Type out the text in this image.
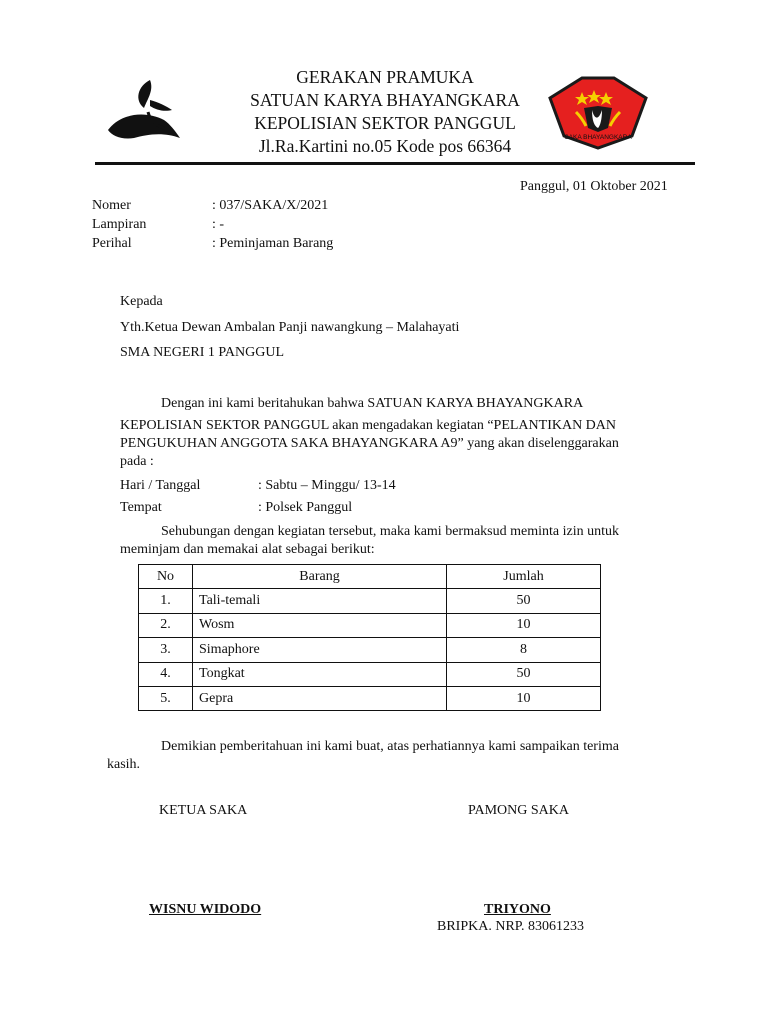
GERAKAN PRAMUKA
SATUAN KARYA BHAYANGKARA
KEPOLISIAN SEKTOR PANGGUL
Jl.Ra.Kartini no.05 Kode pos 66364	SAKA BHAYANGKARA
Panggul, 01 Oktober 2021
Nomer	: 037/SAKA/X/2021
Lampiran	: -
Perihal	: Peminjaman Barang
Kepada
Yth.Ketua Dewan Ambalan Panji nawangkung – Malahayati
SMA NEGERI 1 PANGGUL
Dengan ini kami beritahukan bahwa SATUAN KARYA BHAYANGKARA
KEPOLISIAN SEKTOR PANGGUL akan mengadakan kegiatan “PELANTIKAN DAN
PENGUKUHAN ANGGOTA SAKA BHAYANGKARA A9” yang akan diselenggarakan
pada :
Hari / Tanggal	: Sabtu – Minggu/ 13-14
Tempat	: Polsek Panggul
Sehubungan dengan kegiatan tersebut, maka kami bermaksud meminta izin untuk
meminjam dan memakai alat sebagai berikut:
No	Barang	Jumlah
1.	Tali-temali	50
2.	Wosm	10
3.	Simaphore	8
4.	Tongkat	50
5.	Gepra	10
Demikian pemberitahuan ini kami buat, atas perhatiannya kami sampaikan terima
kasih.
KETUA SAKA	PAMONG SAKA
WISNU WIDODO	TRIYONO
BRIPKA. NRP. 83061233
